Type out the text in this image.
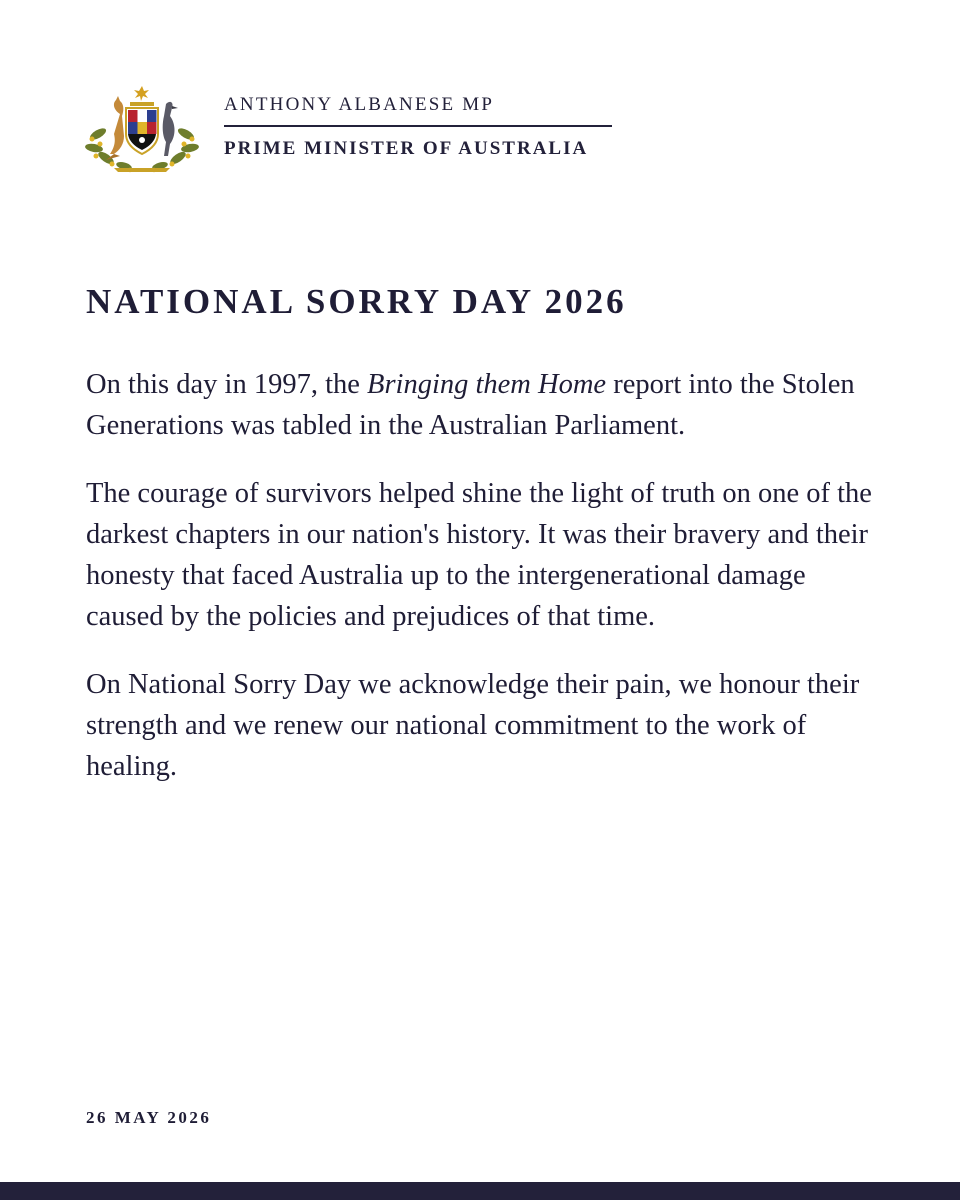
ANTHONY ALBANESE MP
PRIME MINISTER OF AUSTRALIA
NATIONAL SORRY DAY 2026

On this day in 1997, the Bringing them Home report into the Stolen Generations was tabled in the Australian Parliament.

The courage of survivors helped shine the light of truth on one of the darkest chapters in our nation's history. It was their bravery and their honesty that faced Australia up to the intergenerational damage caused by the policies and prejudices of that time.

On National Sorry Day we acknowledge their pain, we honour their strength and we renew our national commitment to the work of healing.

26 MAY 2026
